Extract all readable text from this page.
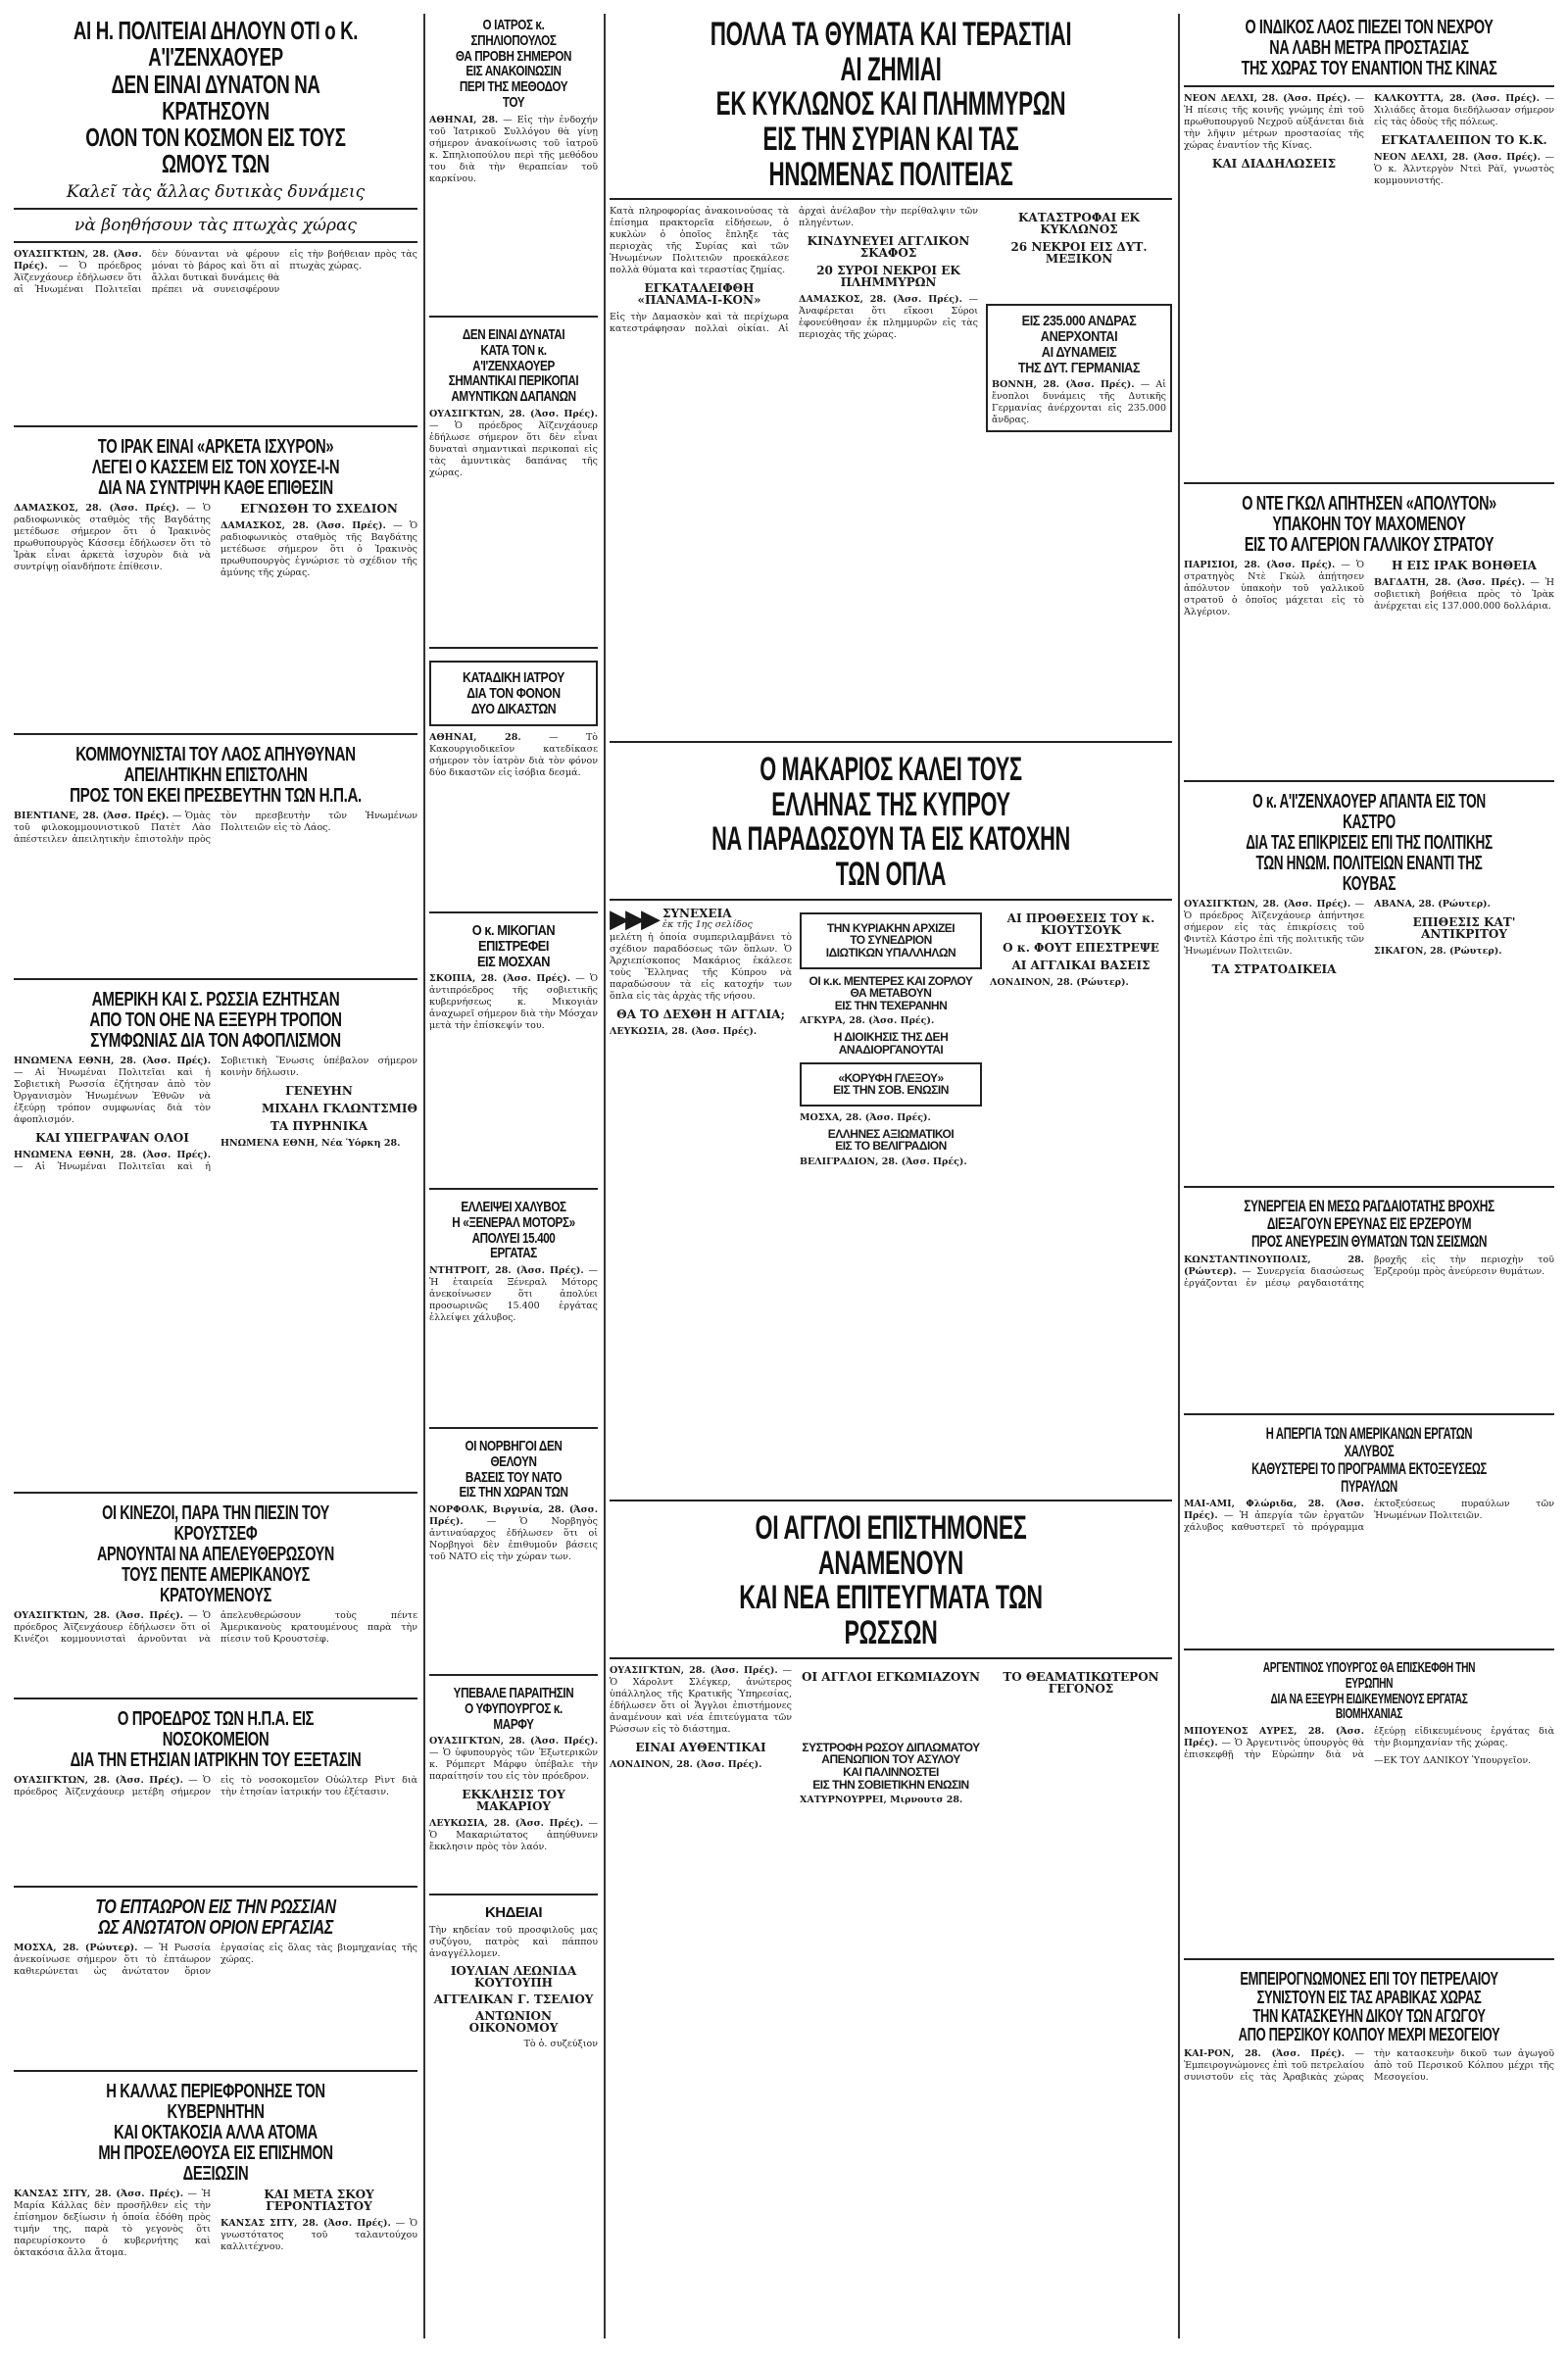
ΑΙ Η. ΠΟΛΙΤΕΙΑΙ ΔΗΛΟΥΝ ΟΤΙ ο Κ. Α'Ι'ΖΕΝΧΑΟΥΕΡ
ΔΕΝ ΕΙΝΑΙ ΔΥΝΑΤΟΝ ΝΑ ΚΡΑΤΗΣΟΥΝ
ΟΛΟΝ ΤΟΝ ΚΟΣΜΟΝ ΕΙΣ ΤΟΥΣ ΩΜΟΥΣ ΤΩΝ
Καλεῖ τὰς ἄλλας δυτικὰς δυνάμεις
νὰ βοηθήσουν τὰς πτωχὰς χώρας
ΟΥΑΣΙΓΚΤΩΝ, 28. (Ἀσσ. Πρές). — Ὁ πρόεδρος Ἀϊζενχάουερ ἐδήλωσεν ὅτι αἱ Ἡνωμέναι Πολιτεῖαι δὲν δύνανται νὰ φέρουν μόναι τὸ βάρος καὶ ὅτι αἱ ἄλλαι δυτικαὶ δυνάμεις θὰ πρέπει νὰ συνεισφέρουν εἰς τὴν βοήθειαν πρὸς τὰς πτωχὰς χώρας.
ΤΟ ΙΡΑΚ ΕΙΝΑΙ «ΑΡΚΕΤΑ ΙΣΧΥΡΟΝ»
ΛΕΓΕΙ Ο ΚΑΣΣΕΜ ΕΙΣ ΤΟΝ ΧΟΥΣΕ-Ι-Ν
ΔΙΑ ΝΑ ΣΥΝΤΡΙΨΗ ΚΑΘΕ ΕΠΙΘΕΣΙΝ
ΔΑΜΑΣΚΟΣ, 28. (Ἀσσ. Πρές). — Ὁ ραδιοφωνικὸς σταθμὸς τῆς Βαγδάτης μετέδωσε σήμερον ὅτι ὁ Ἰρακινὸς πρωθυπουργὸς Κάσσεμ ἐδήλωσεν ὅτι τὸ Ἰρὰκ εἶναι ἀρκετὰ ἰσχυρὸν διὰ νὰ συντρίψῃ οἱανδήποτε ἐπίθεσιν.
ΕΓΝΩΣΘΗ ΤΟ ΣΧΕΔΙΟΝ
ΔΑΜΑΣΚΟΣ, 28. (Ἀσσ. Πρές). — Ὁ ραδιοφωνικὸς σταθμὸς τῆς Βαγδάτης μετέδωσε σήμερον ὅτι ὁ Ἰρακινὸς πρωθυπουργὸς ἐγνώρισε τὸ σχέδιον τῆς ἀμύνης τῆς χώρας.
ΚΟΜΜΟΥΝΙΣΤΑΙ ΤΟΥ ΛΑΟΣ ΑΠΗΥΘΥΝΑΝ
ΑΠΕΙΛΗΤΙΚΗΝ ΕΠΙΣΤΟΛΗΝ
ΠΡΟΣ ΤΟΝ ΕΚΕΙ ΠΡΕΣΒΕΥΤΗΝ ΤΩΝ Η.Π.Α.
ΒΙΕΝΤΙΑΝΕ, 28. (Ἀσσ. Πρές). — Ὁμὰς τοῦ φιλοκομμουνιστικοῦ Πατὲτ Λὰο ἀπέστειλεν ἀπειλητικὴν ἐπιστολὴν πρὸς τὸν πρεσβευτὴν τῶν Ἡνωμένων Πολιτειῶν εἰς τὸ Λάος.
ΑΜΕΡΙΚΗ ΚΑΙ Σ. ΡΩΣΣΙΑ ΕΖΗΤΗΣΑΝ
ΑΠΟ ΤΟΝ ΟΗΕ ΝΑ ΕΞΕΥΡΗ ΤΡΟΠΟΝ
ΣΥΜΦΩΝΙΑΣ ΔΙΑ ΤΟΝ ΑΦΟΠΛΙΣΜΟΝ
ΗΝΩΜΕΝΑ ΕΘΝΗ, 28. (Ἀσσ. Πρές). — Αἱ Ἡνωμέναι Πολιτεῖαι καὶ ἡ Σοβιετικὴ Ρωσσία ἐζήτησαν ἀπὸ τὸν Ὀργανισμὸν Ἡνωμένων Ἐθνῶν νὰ ἐξεύρῃ τρόπον συμφωνίας διὰ τὸν ἀφοπλισμόν.
ΚΑΙ ΥΠΕΓΡΑΨΑΝ ΟΛΟΙ
ΗΝΩΜΕΝΑ ΕΘΝΗ, 28. (Ἀσσ. Πρές). — Αἱ Ἡνωμέναι Πολιτεῖαι καὶ ἡ Σοβιετικὴ Ἕνωσις ὑπέβαλον σήμερον κοινὴν δήλωσιν.
ΓΕΝΕΥΗΝ
ΜΙΧΑΗΛ ΓΚΛΩΝΤΣΜΙΘ
ΤΑ ΠΥΡΗΝΙΚΑ
ΗΝΩΜΕΝΑ ΕΘΝΗ, Νέα Ὑόρκη 28.
ΟΙ ΚΙΝΕΖΟΙ, ΠΑΡΑ ΤΗΝ ΠΙΕΣΙΝ ΤΟΥ ΚΡΟΥΣΤΣΕΦ
ΑΡΝΟΥΝΤΑΙ ΝΑ ΑΠΕΛΕΥΘΕΡΩΣΟΥΝ
ΤΟΥΣ ΠΕΝΤΕ ΑΜΕΡΙΚΑΝΟΥΣ ΚΡΑΤΟΥΜΕΝΟΥΣ
ΟΥΑΣΙΓΚΤΩΝ, 28. (Ἀσσ. Πρές). — Ὁ πρόεδρος Ἀϊζενχάουερ ἐδήλωσεν ὅτι οἱ Κινέζοι κομμουνισταὶ ἀρνοῦνται νὰ ἀπελευθερώσουν τοὺς πέντε Ἀμερικανοὺς κρατουμένους παρὰ τὴν πίεσιν τοῦ Κρουστσὲφ.
Ο ΠΡΟΕΔΡΟΣ ΤΩΝ Η.Π.Α. ΕΙΣ ΝΟΣΟΚΟΜΕΙΟΝ
ΔΙΑ ΤΗΝ ΕΤΗΣΙΑΝ ΙΑΤΡΙΚΗΝ ΤΟΥ ΕΞΕΤΑΣΙΝ
ΟΥΑΣΙΓΚΤΩΝ, 28. (Ἀσσ. Πρές). — Ὁ πρόεδρος Ἀϊζενχάουερ μετέβη σήμερον εἰς τὸ νοσοκομεῖον Οὐώλτερ Ρὶντ διὰ τὴν ἐτησίαν ἰατρικήν του ἐξέτασιν.
ΤΟ ΕΠΤΑΩΡΟΝ ΕΙΣ ΤΗΝ ΡΩΣΣΙΑΝ
ΩΣ ΑΝΩΤΑΤΟΝ ΟΡΙΟΝ ΕΡΓΑΣΙΑΣ
ΜΟΣΧΑ, 28. (Ρώυτερ). — Ἡ Ρωσσία ἀνεκοίνωσε σήμερον ὅτι τὸ ἑπτάωρον καθιερώνεται ὡς ἀνώτατον ὅριον ἐργασίας εἰς ὅλας τὰς βιομηχανίας τῆς χώρας.
Η ΚΑΛΛΑΣ ΠΕΡΙΕΦΡΟΝΗΣΕ ΤΟΝ ΚΥΒΕΡΝΗΤΗΝ
ΚΑΙ ΟΚΤΑΚΟΣΙΑ ΑΛΛΑ ΑΤΟΜΑ
ΜΗ ΠΡΟΣΕΛΘΟΥΣΑ ΕΙΣ ΕΠΙΣΗΜΟΝ ΔΕΞΙΩΣΙΝ
ΚΑΝΣΑΣ ΣΙΤΥ, 28. (Ἀσσ. Πρές). — Ἡ Μαρία Κάλλας δὲν προσῆλθεν εἰς τὴν ἐπίσημον δεξίωσιν ἡ ὁποία ἐδόθη πρὸς τιμήν της, παρὰ τὸ γεγονὸς ὅτι παρευρίσκοντο ὁ κυβερνήτης καὶ ὀκτακόσια ἄλλα ἄτομα.
ΚΑΙ ΜΕΤΑ ΣΚΟΥ ΓΕΡΟΝΤΙΑΣΤΟΥ
ΚΑΝΣΑΣ ΣΙΤΥ, 28. (Ἀσσ. Πρές). — Ὁ γνωστότατος τοῦ ταλαντούχου καλλιτέχνου.
Ο ΙΑΤΡΟΣ κ. ΣΠΗΛΙΟΠΟΥΛΟΣ
ΘΑ ΠΡΟΒΗ ΣΗΜΕΡΟΝ
ΕΙΣ ΑΝΑΚΟΙΝΩΣΙΝ
ΠΕΡΙ ΤΗΣ ΜΕΘΟΔΟΥ ΤΟΥ
ΑΘΗΝΑΙ, 28. — Εἰς τὴν ἐνδοχήν τοῦ Ἰατρικοῦ Συλλόγου θὰ γίνῃ σήμερον ἀνακοίνωσις τοῦ ἰατροῦ κ. Σπηλιοπούλου περὶ τῆς μεθόδου του διὰ τὴν θεραπείαν τοῦ καρκίνου.
ΔΕΝ ΕΙΝΑΙ ΔΥΝΑΤΑΙ
ΚΑΤΑ ΤΟΝ κ. Α'Ι'ΖΕΝΧΑΟΥΕΡ
ΣΗΜΑΝΤΙΚΑΙ ΠΕΡΙΚΟΠΑΙ
ΑΜΥΝΤΙΚΩΝ ΔΑΠΑΝΩΝ
ΟΥΑΣΙΓΚΤΩΝ, 28. (Ἀσσ. Πρές). — Ὁ πρόεδρος Ἀϊζενχάουερ ἐδήλωσε σήμερον ὅτι δὲν εἶναι δυναταὶ σημαντικαὶ περικοπαὶ εἰς τὰς ἀμυντικὰς δαπάνας τῆς χώρας.
ΚΑΤΑΔΙΚΗ ΙΑΤΡΟΥ
ΔΙΑ ΤΟΝ ΦΟΝΟΝ
ΔΥΟ ΔΙΚΑΣΤΩΝ
ΑΘΗΝΑΙ, 28.	— Τὸ Κακουργιοδικεῖον κατεδίκασε σήμερον τὸν ἰατρὸν διὰ τὸν φόνον δύο δικαστῶν εἰς ἰσόβια δεσμά.
Ο κ. ΜΙΚΟΓΙΑΝ
ΕΠΙΣΤΡΕΦΕΙ
ΕΙΣ ΜΟΣΧΑΝ
ΣΚΟΠΙΑ, 28. (Ἀσσ. Πρές). — Ὁ ἀντιπρόεδρος τῆς σοβιετικῆς κυβερνήσεως κ. Μικογιὰν ἀναχωρεῖ σήμερον διὰ τὴν Μόσχαν μετὰ τὴν ἐπίσκεψίν του.
ΕΛΛΕΙΨΕΙ ΧΑΛΥΒΟΣ
Η «ΞΕΝΕΡΑΛ ΜΟΤΟΡΣ»
ΑΠΟΛΥΕΙ 15.400 ΕΡΓΑΤΑΣ
ΝΤΗΤΡΟΙΤ, 28. (Ἀσσ. Πρές). — Ἡ ἑταιρεία Ξένεραλ Μότορς ἀνεκοίνωσεν ὅτι ἀπολύει προσωρινῶς 15.400 ἐργάτας ἐλλείψει χάλυβος.
ΟΙ ΝΟΡΒΗΓΟΙ ΔΕΝ ΘΕΛΟΥΝ
ΒΑΣΕΙΣ ΤΟΥ ΝΑΤΟ
ΕΙΣ ΤΗΝ ΧΩΡΑΝ ΤΩΝ
ΝΟΡΦΟΛΚ, Βιργινία, 28. (Ἀσσ. Πρές).	— Ὁ Νορβηγὸς ἀντιναύαρχος ἐδήλωσεν ὅτι οἱ Νορβηγοὶ δὲν ἐπιθυμοῦν βάσεις τοῦ ΝΑΤΟ εἰς τὴν χώραν των.
ΥΠΕΒΑΛΕ ΠΑΡΑΙΤΗΣΙΝ
Ο ΥΦΥΠΟΥΡΓΟΣ κ. ΜΑΡΦΥ
ΟΥΑΣΙΓΚΤΩΝ, 28. (Ἀσσ. Πρές). — Ὁ ὑφυπουργὸς τῶν Ἐξωτερικῶν κ. Ρόμπερτ Μάρφυ ὑπέβαλε τὴν παραίτησίν του εἰς τὸν πρόεδρον.
ΕΚΚΛΗΣΙΣ ΤΟΥ ΜΑΚΑΡΙΟΥ
ΛΕΥΚΩΣΙΑ, 28. (Ἀσσ. Πρές). — Ὁ Μακαριώτατος ἀπηύθυνεν ἔκκλησιν πρὸς τὸν λαόν.
ΚΗΔΕΙΑΙ
Τὴν κηδείαν τοῦ προσφιλοῦς μας συζύγου, πατρὸς καὶ πάππου ἀναγγέλλομεν.
ΙΟΥΛΙΑΝ ΛΕΩΝΙΔΑ ΚΟΥΤΟΥΠΗ
ΑΓΓΕΛΙΚΑΝ Γ. ΤΣΕΛΙΟΥ
ΑΝΤΩΝΙΟΝ ΟΙΚΟΝΟΜΟΥ
Τὸ ὁ. συζεύξιον
ΠΟΛΛΑ ΤΑ ΘΥΜΑΤΑ ΚΑΙ ΤΕΡΑΣΤΙΑΙ ΑΙ ΖΗΜΙΑΙ
ΕΚ ΚΥΚΛΩΝΟΣ ΚΑΙ ΠΛΗΜΜΥΡΩΝ
ΕΙΣ ΤΗΝ ΣΥΡΙΑΝ ΚΑΙ ΤΑΣ ΗΝΩΜΕΝΑΣ ΠΟΛΙΤΕΙΑΣ
Κατὰ πληροφορίας ἀνακοινούσας τὰ ἐπίσημα πρακτορεῖα εἰδήσεων, ὁ κυκλὼν ὁ ὁποῖος ἔπληξε τὰς περιοχὰς τῆς Συρίας καὶ τῶν Ἡνωμένων Πολιτειῶν προεκάλεσε πολλὰ θύματα καὶ τεραστίας ζημίας.
ΕΓΚΑΤΑΛΕΙΦΘΗ «ΠΑΝΑΜΑ-Ι-ΚΟΝ»
Εἰς τὴν Δαμασκὸν καὶ τὰ περίχωρα κατεστράφησαν πολλαὶ οἰκίαι. Αἱ ἀρχαὶ ἀνέλαβον τὴν περίθαλψιν τῶν πληγέντων.
ΚΙΝΔΥΝΕΥΕΙ ΑΓΓΛΙΚΟΝ ΣΚΑΦΟΣ
20 ΣΥΡΟΙ ΝΕΚΡΟΙ ΕΚ ΠΛΗΜΜΥΡΩΝ
ΔΑΜΑΣΚΟΣ, 28. (Ἀσσ. Πρές). — Ἀναφέρεται ὅτι εἴκοσι Σύροι ἐφονεύθησαν ἐκ πλημμυρῶν εἰς τὰς περιοχὰς τῆς χώρας.
ΚΑΤΑΣΤΡΟΦΑΙ ΕΚ ΚΥΚΛΩΝΟΣ
26 ΝΕΚΡΟΙ ΕΙΣ ΔΥΤ. ΜΕΞΙΚΟΝ
ΕΙΣ 235.000 ΑΝΔΡΑΣ
ΑΝΕΡΧΟΝΤΑΙ
ΑΙ ΔΥΝΑΜΕΙΣ
ΤΗΣ ΔΥΤ. ΓΕΡΜΑΝΙΑΣ
ΒΟΝΝΗ, 28. (Ἀσσ. Πρές). — Αἱ ἔνοπλοι δυνάμεις τῆς Δυτικῆς Γερμανίας ἀνέρχονται εἰς 235.000 ἄνδρας.
Ο ΜΑΚΑΡΙΟΣ ΚΑΛΕΙ ΤΟΥΣ ΕΛΛΗΝΑΣ ΤΗΣ ΚΥΠΡΟΥ
ΝΑ ΠΑΡΑΔΩΣΟΥΝ ΤΑ ΕΙΣ ΚΑΤΟΧΗΝ ΤΩΝ ΟΠΛΑ
▶▶▶ ΣΥΝΕΧΕΙΑ
ἐκ τῆς 1ης σελίδος
μελέτη ἡ ὁποία συμπεριλαμβάνει τὸ σχέδιον παραδόσεως τῶν ὅπλων. Ὁ Ἀρχιεπίσκοπος Μακάριος ἐκάλεσε τοὺς Ἕλληνας τῆς Κύπρου νὰ παραδώσουν τὰ εἰς κατοχήν των ὅπλα εἰς τὰς ἀρχὰς τῆς νήσου.
ΘΑ ΤΟ ΔΕΧΘΗ Η ΑΓΓΛΙΑ;
ΛΕΥΚΩΣΙΑ, 28. (Ἀσσ. Πρές).
ΤΗΝ ΚΥΡΙΑΚΗΝ ΑΡΧΙΖΕΙ
ΤΟ ΣΥΝΕΔΡΙΟΝ
ΙΔΙΩΤΙΚΩΝ ΥΠΑΛΛΗΛΩΝ
ΟΙ κ.κ. ΜΕΝΤΕΡΕΣ ΚΑΙ ΖΟΡΛΟΥ
ΘΑ ΜΕΤΑΒΟΥΝ
ΕΙΣ ΤΗΝ ΤΕΧΕΡΑΝΗΝ
ΑΓΚΥΡΑ, 28. (Ἀσσ. Πρές).
Η ΔΙΟΙΚΗΣΙΣ ΤΗΣ ΔΕΗ
ΑΝΑΔΙΟΡΓΑΝΟΥΤΑΙ
«ΚΟΡΥΦΗ ΓΛΕΞΟΥ»
ΕΙΣ ΤΗΝ ΣΟΒ. ΕΝΩΣΙΝ
ΜΟΣΧΑ, 28. (Ἀσσ. Πρές).
ΕΛΛΗΝΕΣ ΑΞΙΩΜΑΤΙΚΟΙ
ΕΙΣ ΤΟ ΒΕΛΙΓΡΑΔΙΟΝ
ΒΕΛΙΓΡΑΔΙΟΝ, 28. (Ἀσσ. Πρές).
ΑΙ ΠΡΟΘΕΣΕΙΣ ΤΟΥ κ. ΚΙΟΥΤΣΟΥΚ
Ο κ. ΦΟΥΤ ΕΠΕΣΤΡΕΨΕ
ΑΙ ΑΓΓΛΙΚΑΙ ΒΑΣΕΙΣ
ΛΟΝΔΙΝΟΝ, 28. (Ρώυτερ).
ΟΙ ΑΓΓΛΟΙ ΕΠΙΣΤΗΜΟΝΕΣ ΑΝΑΜΕΝΟΥΝ
ΚΑΙ ΝΕΑ ΕΠΙΤΕΥΓΜΑΤΑ ΤΩΝ ΡΩΣΣΩΝ
ΟΥΑΣΙΓΚΤΩΝ, 28. (Ἀσσ. Πρές). — Ὁ Χάρολντ Σλέγκερ, ἀνώτερος ὑπάλληλος τῆς Κρατικῆς Ὑπηρεσίας, ἐδήλωσεν ὅτι οἱ Ἄγγλοι ἐπιστήμονες ἀναμένουν καὶ νέα ἐπιτεύγματα τῶν Ρώσσων εἰς τὸ διάστημα.
ΕΙΝΑΙ ΑΥΘΕΝΤΙΚΑΙ
ΛΟΝΔΙΝΟΝ, 28. (Ἀσσ. Πρές).
ΟΙ ΑΓΓΛΟΙ ΕΓΚΩΜΙΑΖΟΥΝ
ΣΥΣΤΡΟΦΗ ΡΩΣΟΥ ΔΙΠΛΩΜΑΤΟΥ
ΑΠΕΝΩΠΙΟΝ ΤΟΥ ΑΣΥΛΟΥ
ΚΑΙ ΠΑΛΙΝΝΟΣΤΕΙ
ΕΙΣ ΤΗΝ ΣΟΒΙΕΤΙΚΗΝ ΕΝΩΣΙΝ
ΧΑΤΥΡΝΟΥΡΡΕΙ, Μιρνουτσ 28.
ΤΟ ΘΕΑΜΑΤΙΚΩΤΕΡΟΝ ΓΕΓΟΝΟΣ
Ο ΙΝΔΙΚΟΣ ΛΑΟΣ ΠΙΕΖΕΙ ΤΟΝ ΝΕΧΡΟΥ
ΝΑ ΛΑΒΗ ΜΕΤΡΑ ΠΡΟΣΤΑΣΙΑΣ
ΤΗΣ ΧΩΡΑΣ ΤΟΥ ΕΝΑΝΤΙΟΝ ΤΗΣ ΚΙΝΑΣ
ΝΕΟΝ ΔΕΛΧΙ, 28. (Ἀσσ. Πρές). — Ἡ πίεσις τῆς κοινῆς γνώμης ἐπὶ τοῦ πρωθυπουργοῦ Νεχροῦ αὐξάνεται διὰ τὴν λῆψιν μέτρων προστασίας τῆς χώρας ἐναντίον τῆς Κίνας.
ΚΑΙ ΔΙΑΔΗΛΩΣΕΙΣ
ΚΑΛΚΟΥΤΤΑ, 28. (Ἀσσ. Πρές). — Χιλιάδες ἄτομα διεδήλωσαν σήμερον εἰς τὰς ὁδοὺς τῆς πόλεως.
ΕΓΚΑΤΑΛΕΙΠΟΝ ΤΟ Κ.Κ.
ΝΕΟΝ ΔΕΛΧΙ, 28. (Ἀσσ. Πρές). — Ὁ κ. Ἀλντεργὸν Ντεὶ Ρὰϊ, γνωστὸς κομμουνιστής.
Ο ΝΤΕ ΓΚΩΛ ΑΠΗΤΗΣΕΝ «ΑΠΟΛΥΤΟΝ»
ΥΠΑΚΟΗΝ ΤΟΥ ΜΑΧΟΜΕΝΟΥ
ΕΙΣ ΤΟ ΑΛΓΕΡΙΟΝ ΓΑΛΛΙΚΟΥ ΣΤΡΑΤΟΥ
ΠΑΡΙΣΙΟΙ, 28. (Ἀσσ. Πρές). — Ὁ στρατηγὸς Ντὲ Γκὼλ ἀπῄτησεν ἀπόλυτον ὑπακοὴν τοῦ γαλλικοῦ στρατοῦ ὁ ὁποῖος μάχεται εἰς τὸ Ἀλγέριον.
Η ΕΙΣ ΙΡΑΚ ΒΟΗΘΕΙΑ
ΒΑΓΔΑΤΗ, 28. (Ἀσσ. Πρές). — Ἡ σοβιετικὴ βοήθεια πρὸς τὸ Ἰρὰκ ἀνέρχεται εἰς 137.000.000 δολλάρια.
Ο κ. Α'Ι'ΖΕΝΧΑΟΥΕΡ ΑΠΑΝΤΑ ΕΙΣ ΤΟΝ ΚΑΣΤΡΟ
ΔΙΑ ΤΑΣ ΕΠΙΚΡΙΣΕΙΣ ΕΠΙ ΤΗΣ ΠΟΛΙΤΙΚΗΣ
ΤΩΝ ΗΝΩΜ. ΠΟΛΙΤΕΙΩΝ ΕΝΑΝΤΙ ΤΗΣ ΚΟΥΒΑΣ
ΟΥΑΣΙΓΚΤΩΝ, 28. (Ἀσσ. Πρές). — Ὁ πρόεδρος Ἀϊζενχάουερ ἀπήντησε σήμερον εἰς τὰς ἐπικρίσεις τοῦ Φιντὲλ Κάστρο ἐπὶ τῆς πολιτικῆς τῶν Ἡνωμένων Πολιτειῶν.
ΤΑ ΣΤΡΑΤΟΔΙΚΕΙΑ
ΑΒΑΝΑ, 28. (Ρώυτερ).
ΕΠΙΘΕΣΙΣ ΚΑΤ' ΑΝΤΙΚΡΙΤΟΥ
ΣΙΚΑΓΟΝ, 28. (Ρώυτερ).
ΣΥΝΕΡΓΕΙΑ ΕΝ ΜΕΣΩ ΡΑΓΔΑΙΟΤΑΤΗΣ ΒΡΟΧΗΣ
ΔΙΕΞΑΓΟΥΝ ΕΡΕΥΝΑΣ ΕΙΣ ΕΡΖΕΡΟΥΜ
ΠΡΟΣ ΑΝΕΥΡΕΣΙΝ ΘΥΜΑΤΩΝ ΤΩΝ ΣΕΙΣΜΩΝ
ΚΩΝΣΤΑΝΤΙΝΟΥΠΟΛΙΣ, 28. (Ρώυτερ). — Συνεργεία διασώσεως ἐργάζονται ἐν μέσῳ ραγδαιοτάτης βροχῆς εἰς τὴν περιοχὴν τοῦ Ἐρζερούμ πρὸς ἀνεύρεσιν θυμάτων.
Η ΑΠΕΡΓΙΑ ΤΩΝ ΑΜΕΡΙΚΑΝΩΝ ΕΡΓΑΤΩΝ ΧΑΛΥΒΟΣ
ΚΑΘΥΣΤΕΡΕΙ ΤΟ ΠΡΟΓΡΑΜΜΑ ΕΚΤΟΞΕΥΣΕΩΣ ΠΥΡΑΥΛΩΝ
ΜΑΙ-ΑΜΙ, Φλώριδα, 28. (Ἀσσ. Πρές). — Ἡ ἀπεργία τῶν ἐργατῶν χάλυβος καθυστερεῖ τὸ πρόγραμμα ἐκτοξεύσεως πυραύλων τῶν Ἡνωμένων Πολιτειῶν.
ΑΡΓΕΝΤΙΝΟΣ ΥΠΟΥΡΓΟΣ ΘΑ ΕΠΙΣΚΕΦΘΗ ΤΗΝ ΕΥΡΩΠΗΝ
ΔΙΑ ΝΑ ΕΞΕΥΡΗ ΕΙΔΙΚΕΥΜΕΝΟΥΣ ΕΡΓΑΤΑΣ ΒΙΟΜΗΧΑΝΙΑΣ
ΜΠΟΥΕΝΟΣ ΑΥΡΕΣ, 28. (Ἀσσ. Πρές). — Ὁ Ἀργεντινὸς ὑπουργὸς θὰ ἐπισκεφθῇ τὴν Εὐρώπην διὰ νὰ ἐξεύρῃ εἰδικευμένους ἐργάτας διὰ τὴν βιομηχανίαν τῆς χώρας.
—ΕΚ ΤΟΥ ΔΑΝΙΚΟΥ Ὑπουργεῖον.
ΕΜΠΕΙΡΟΓΝΩΜΟΝΕΣ ΕΠΙ ΤΟΥ ΠΕΤΡΕΛΑΙΟΥ
ΣΥΝΙΣΤΟΥΝ ΕΙΣ ΤΑΣ ΑΡΑΒΙΚΑΣ ΧΩΡΑΣ
ΤΗΝ ΚΑΤΑΣΚΕΥΗΝ ΔΙΚΟΥ ΤΩΝ ΑΓΩΓΟΥ
ΑΠΟ ΠΕΡΣΙΚΟΥ ΚΟΛΠΟΥ ΜΕΧΡΙ ΜΕΣΟΓΕΙΟΥ
ΚΑΙ-ΡΟΝ, 28. (Ἀσσ. Πρές). — Ἐμπειρογνώμονες ἐπὶ τοῦ πετρελαίου συνιστοῦν εἰς τὰς Ἀραβικὰς χώρας τὴν κατασκευὴν δικοῦ των ἀγωγοῦ ἀπὸ τοῦ Περσικοῦ Κόλπου μέχρι τῆς Μεσογείου.
